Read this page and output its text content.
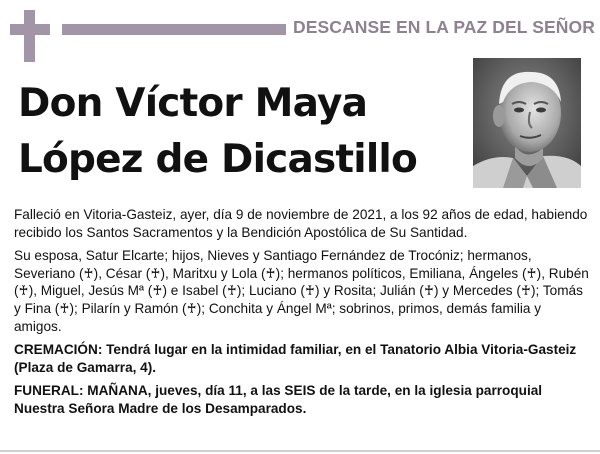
DESCANSE EN LA PAZ DEL SEÑOR
Don Víctor Maya
López de Dicastillo

Falleció en Vitoria-Gasteiz, ayer, día 9 de noviembre de 2021, a los 92 años de edad, habiendo recibido los Santos Sacramentos y la Bendición Apostólica de Su Santidad.

Su esposa, Satur Elcarte; hijos, Nieves y Santiago Fernández de Trocóniz; hermanos, Severiano (♰), César (♰), Maritxu y Lola (♰); hermanos políticos, Emiliana, Ángeles (♰), Rubén (♰), Miguel, Jesús Mª (♰) e Isabel (♰); Luciano (♰) y Rosita; Julián (♰) y Mercedes (♰); Tomás y Fina (♰); Pilarín y Ramón (♰); Conchita y Ángel Mª; sobrinos, primos, demás familia y amigos.

CREMACIÓN: Tendrá lugar en la intimidad familiar, en el Tanatorio Albia Vitoria-Gasteiz (Plaza de Gamarra, 4).

FUNERAL: MAÑANA, jueves, día 11, a las SEIS de la tarde, en la iglesia parroquial Nuestra Señora Madre de los Desamparados.
